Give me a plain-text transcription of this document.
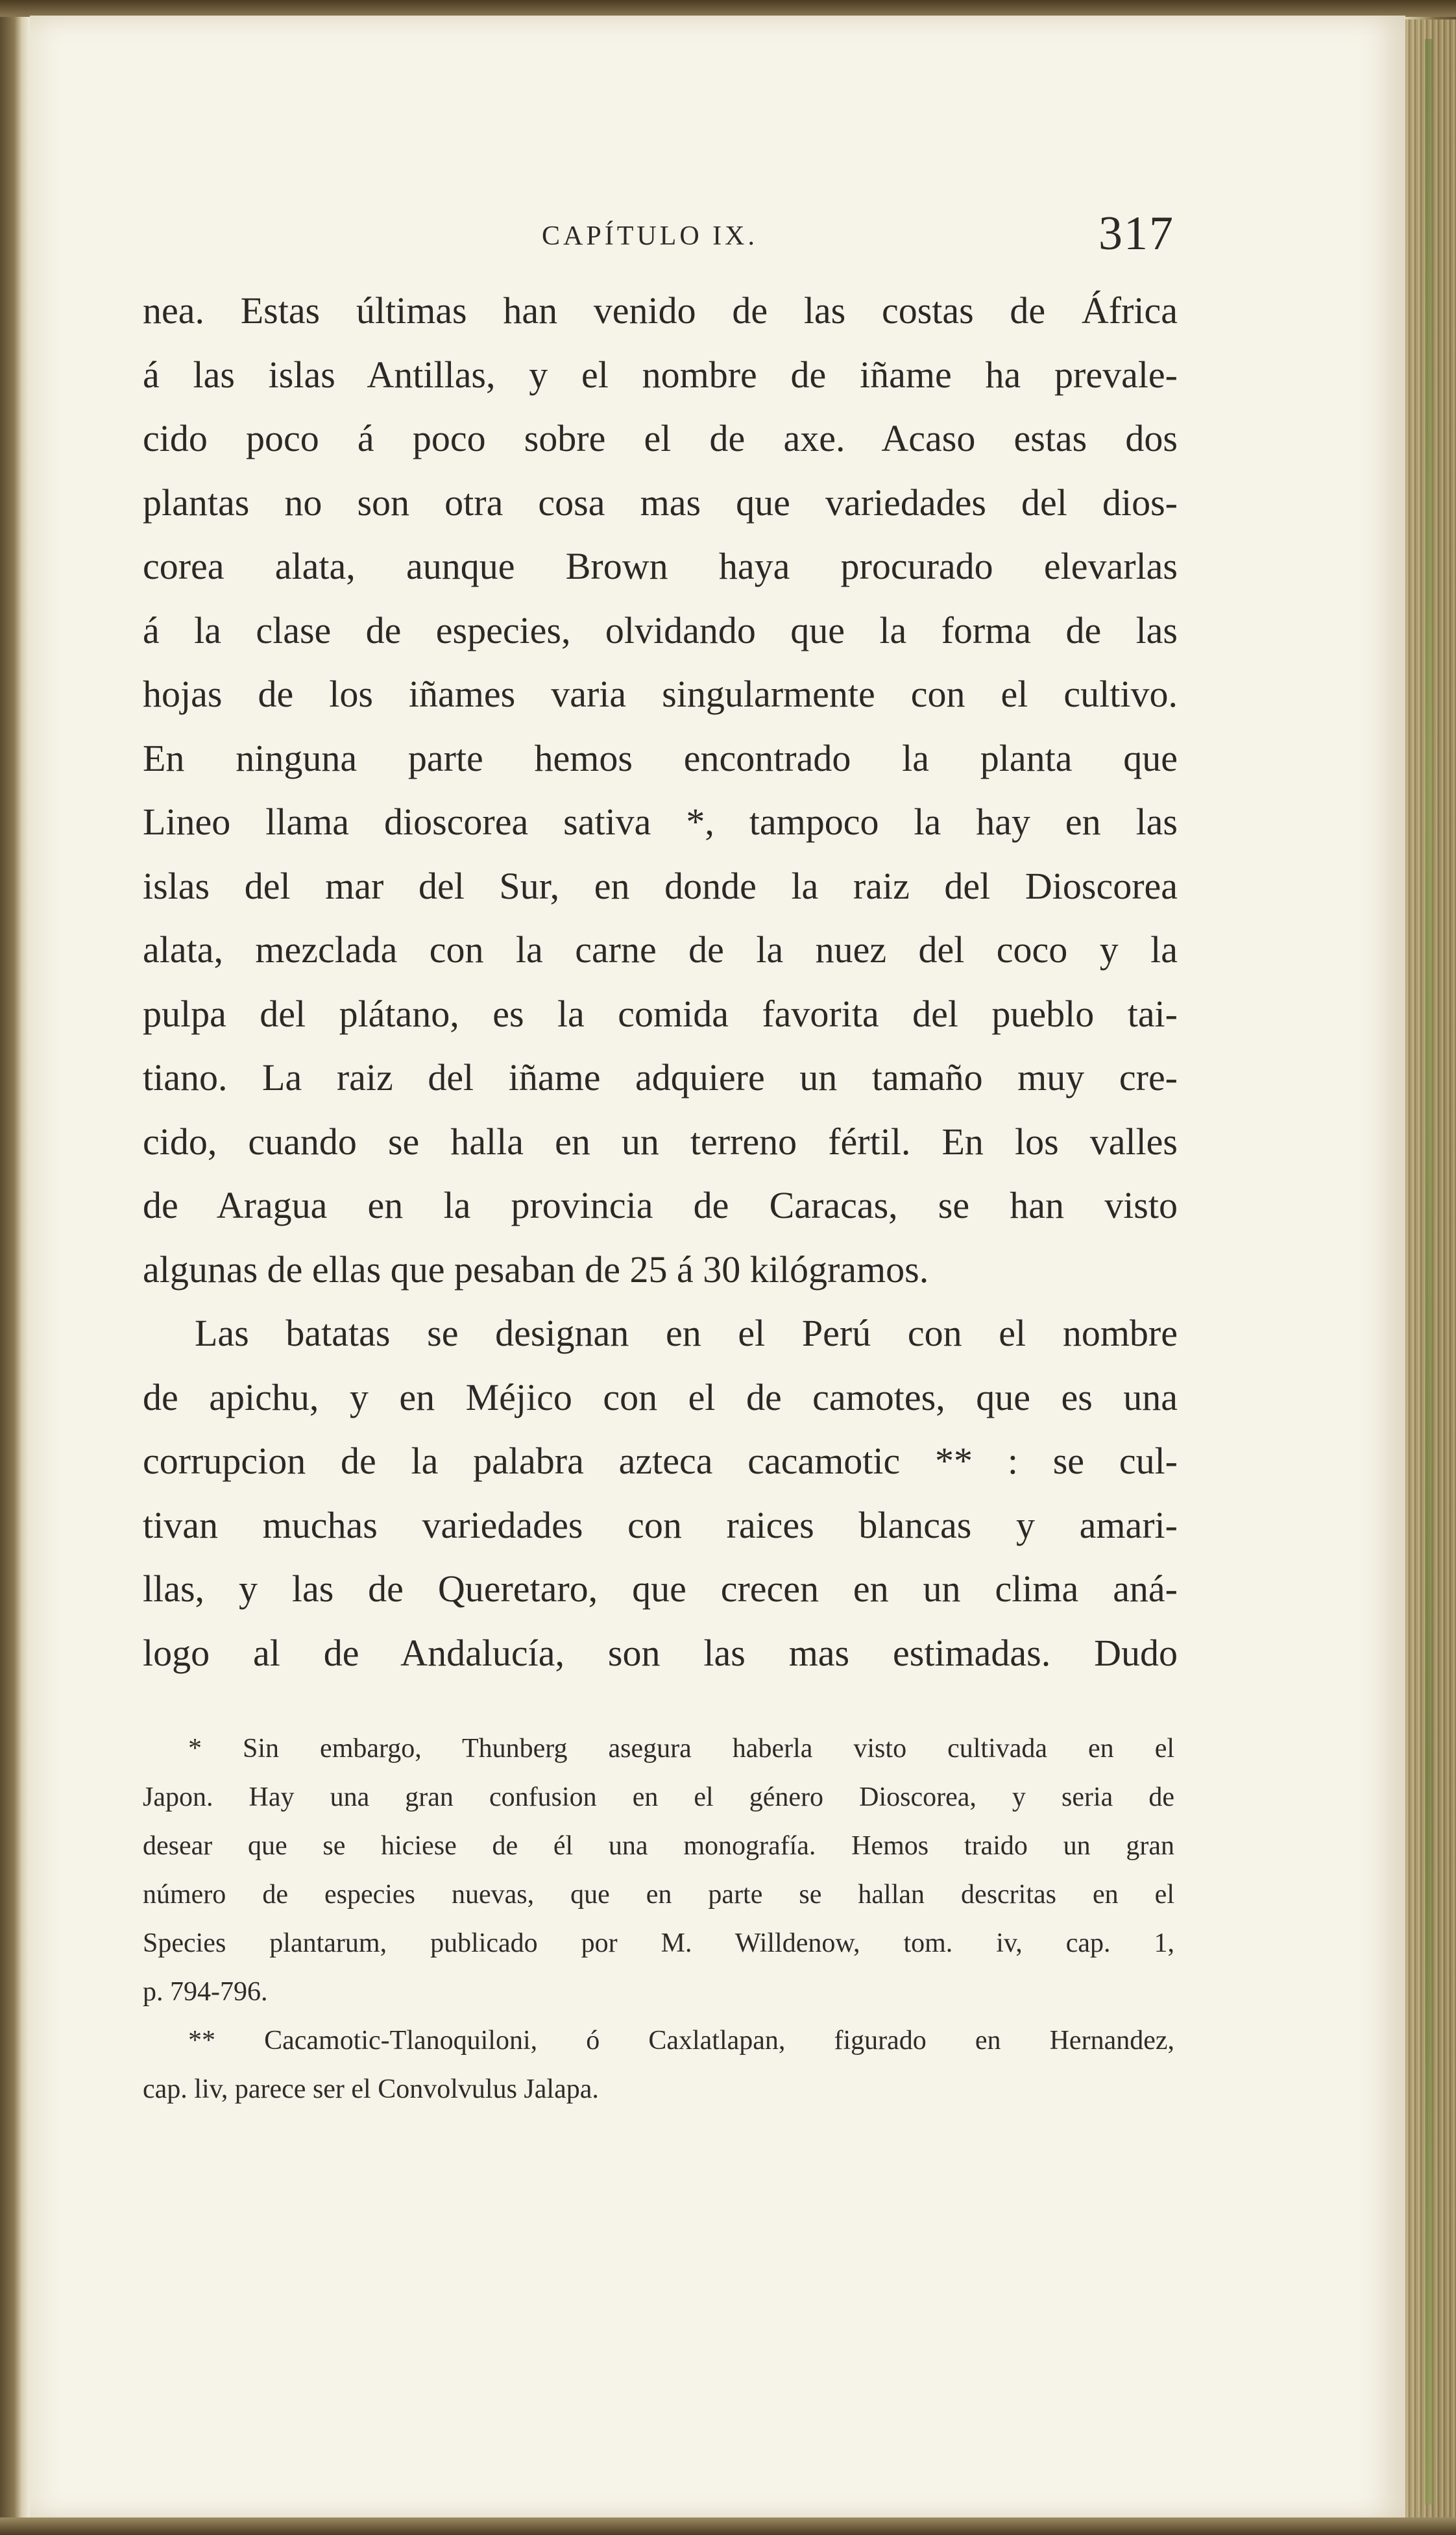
CAPÍTULO IX.	317
nea. Estas últimas han venido de las costas de África
á las islas Antillas, y el nombre de iñame ha prevale-
cido poco á poco sobre el de axe. Acaso estas dos
plantas no son otra cosa mas que variedades del dios-
corea alata, aunque Brown haya procurado elevarlas
á la clase de especies, olvidando que la forma de las
hojas de los iñames varia singularmente con el cultivo.
En ninguna parte hemos encontrado la planta que
Lineo llama dioscorea sativa *, tampoco la hay en las
islas del mar del Sur, en donde la raiz del Dioscorea
alata, mezclada con la carne de la nuez del coco y la
pulpa del plátano, es la comida favorita del pueblo tai-
tiano. La raiz del iñame adquiere un tamaño muy cre-
cido, cuando se halla en un terreno fértil. En los valles
de Aragua en la provincia de Caracas, se han visto
algunas de ellas que pesaban de 25 á 30 kilógramos.
Las batatas se designan en el Perú con el nombre
de apichu, y en Méjico con el de camotes, que es una
corrupcion de la palabra azteca cacamotic ** : se cul-
tivan muchas variedades con raices blancas y amari-
llas, y las de Queretaro, que crecen en un clima aná-
logo al de Andalucía, son las mas estimadas. Dudo
* Sin embargo, Thunberg asegura haberla visto cultivada en el
Japon. Hay una gran confusion en el género Dioscorea, y seria de
desear que se hiciese de él una monografía. Hemos traido un gran
número de especies nuevas, que en parte se hallan descritas en el
Species plantarum, publicado por M. Willdenow, tom. iv, cap. 1,
p. 794-796.
** Cacamotic-Tlanoquiloni, ó Caxlatlapan, figurado en Hernandez,
cap. liv, parece ser el Convolvulus Jalapa.
